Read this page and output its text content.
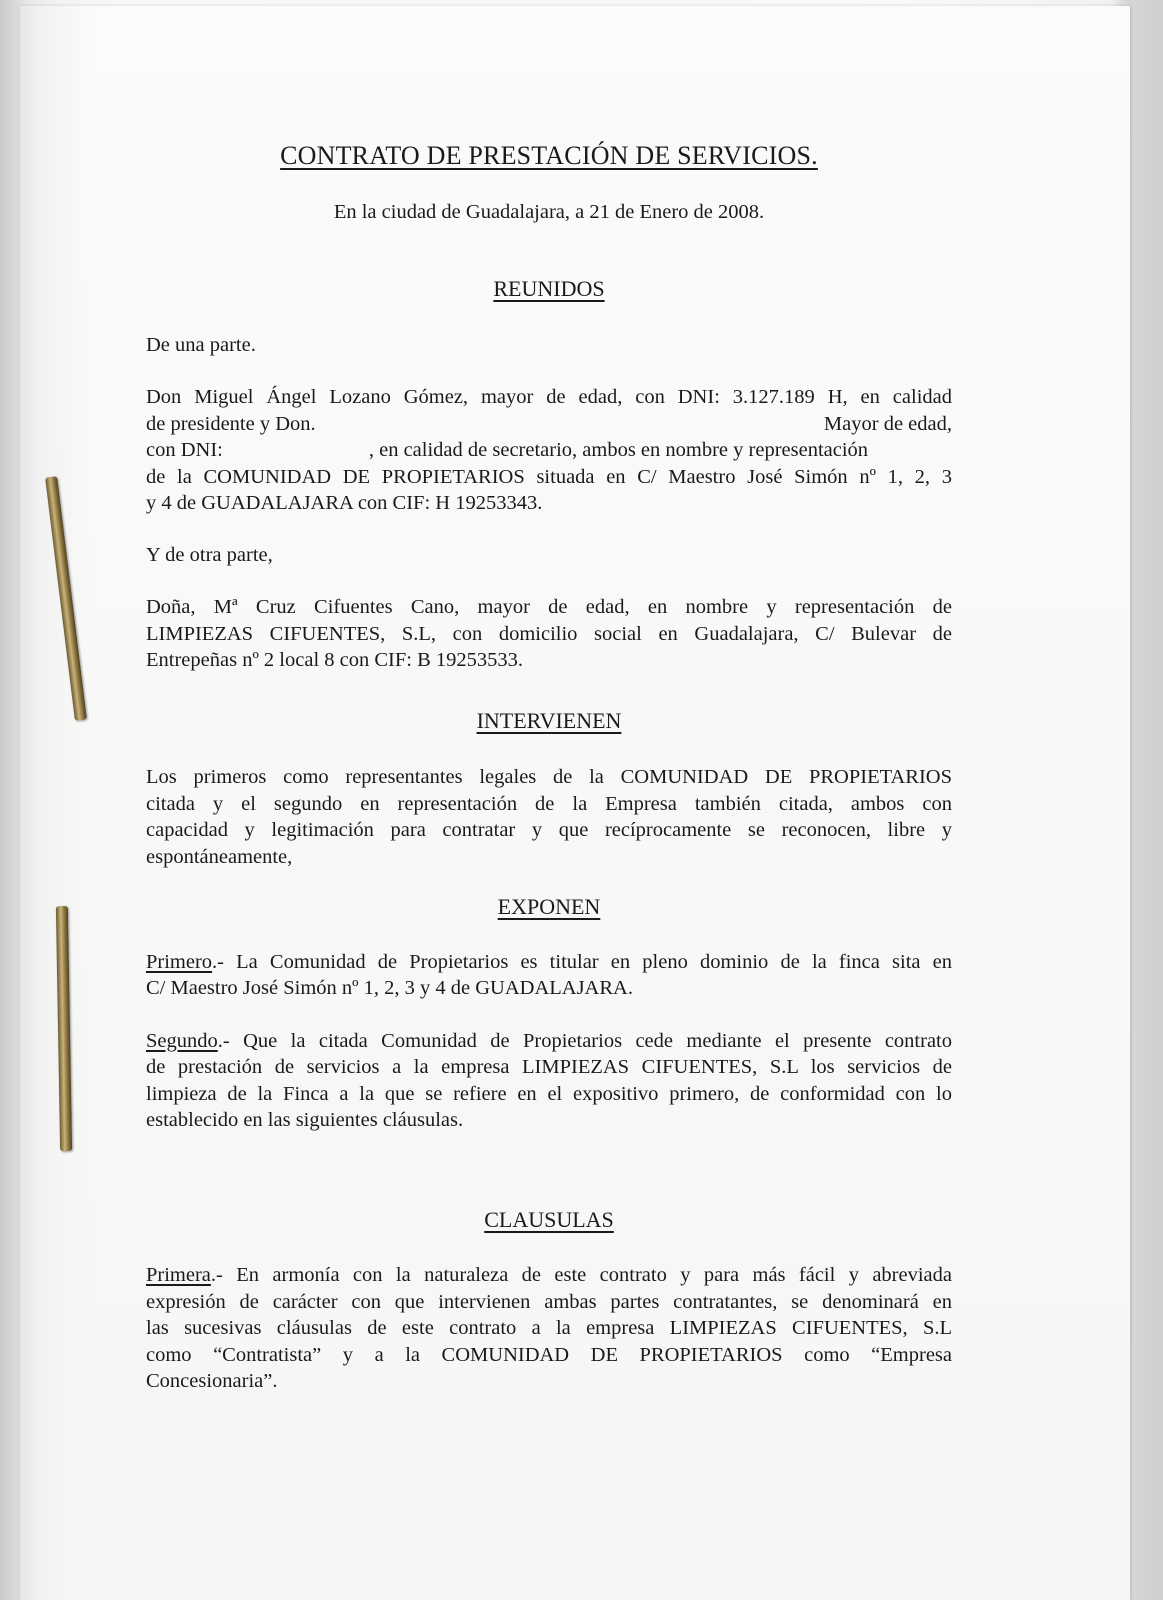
CONTRATO DE PRESTACIÓN DE SERVICIOS.
En la ciudad de Guadalajara, a 21 de Enero de 2008.
REUNIDOS

De una parte.

Don Miguel Ángel Lozano Gómez, mayor de edad, con DNI: 3.127.189 H, en calidad
de presidente y Don.	Mayor de edad,
con DNI:	, en calidad de secretario, ambos en nombre y representación
de la COMUNIDAD DE PROPIETARIOS situada en C/ Maestro José Simón nº 1, 2, 3
y 4 de GUADALAJARA con CIF: H 19253343.

Y de otra parte,

Doña, Mª Cruz Cifuentes Cano, mayor de edad, en nombre y representación de
LIMPIEZAS CIFUENTES, S.L, con domicilio social en Guadalajara, C/ Bulevar de
Entrepeñas nº 2 local 8 con CIF: B 19253533.

INTERVIENEN

Los primeros como representantes legales de la COMUNIDAD DE PROPIETARIOS
citada y el segundo en representación de la Empresa también citada, ambos con
capacidad y legitimación para contratar y que recíprocamente se reconocen, libre y
espontáneamente,

EXPONEN

Primero.- La Comunidad de Propietarios es titular en pleno dominio de la finca sita en
C/ Maestro José Simón nº 1, 2, 3 y 4 de GUADALAJARA.

Segundo.- Que la citada Comunidad de Propietarios cede mediante el presente contrato
de prestación de servicios a la empresa LIMPIEZAS CIFUENTES, S.L los servicios de
limpieza de la Finca a la que se refiere en el expositivo primero, de conformidad con lo
establecido en las siguientes cláusulas.

CLAUSULAS

Primera.- En armonía con la naturaleza de este contrato y para más fácil y abreviada
expresión de carácter con que intervienen ambas partes contratantes, se denominará en
las sucesivas cláusulas de este contrato a la empresa LIMPIEZAS CIFUENTES, S.L
como “Contratista” y a la COMUNIDAD DE PROPIETARIOS como “Empresa
Concesionaria”.
